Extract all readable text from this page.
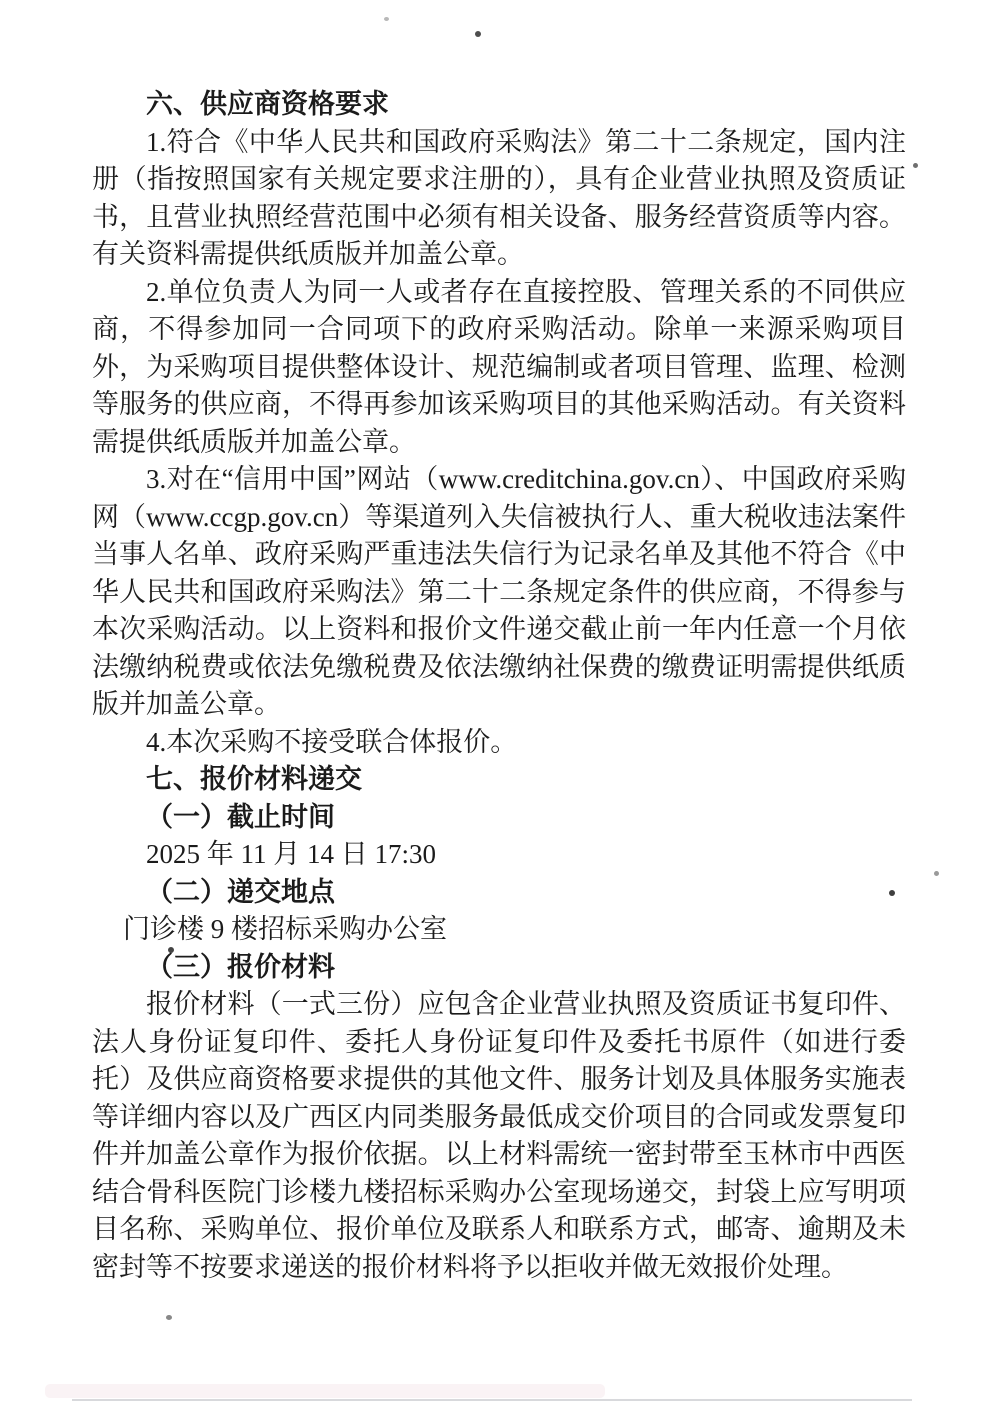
六、供应商资格要求

1.符合《中华人民共和国政府采购法》第二十二条规定，国内注册（指按照国家有关规定要求注册的），具有企业营业执照及资质证书，且营业执照经营范围中必须有相关设备、服务经营资质等内容。有关资料需提供纸质版并加盖公章。

2.单位负责人为同一人或者存在直接控股、管理关系的不同供应商，不得参加同一合同项下的政府采购活动。除单一来源采购项目外，为采购项目提供整体设计、规范编制或者项目管理、监理、检测等服务的供应商，不得再参加该采购项目的其他采购活动。有关资料需提供纸质版并加盖公章。

3.对在“信用中国”网站（www.creditchina.gov.cn）、中国政府采购网（www.ccgp.gov.cn）等渠道列入失信被执行人、重大税收违法案件当事人名单、政府采购严重违法失信行为记录名单及其他不符合《中华人民共和国政府采购法》第二十二条规定条件的供应商，不得参与本次采购活动。以上资料和报价文件递交截止前一年内任意一个月依法缴纳税费或依法免缴税费及依法缴纳社保费的缴费证明需提供纸质版并加盖公章。

4.本次采购不接受联合体报价。

七、报价材料递交
（一）截止时间
2025 年 11 月 14 日 17:30
（二）递交地点
门诊楼 9 楼招标采购办公室
（三）报价材料

报价材料（一式三份）应包含企业营业执照及资质证书复印件、法人身份证复印件、委托人身份证复印件及委托书原件（如进行委托）及供应商资格要求提供的其他文件、服务计划及具体服务实施表等详细内容以及广西区内同类服务最低成交价项目的合同或发票复印件并加盖公章作为报价依据。以上材料需统一密封带至玉林市中西医结合骨科医院门诊楼九楼招标采购办公室现场递交，封袋上应写明项目名称、采购单位、报价单位及联系人和联系方式，邮寄、逾期及未密封等不按要求递送的报价材料将予以拒收并做无效报价处理。
